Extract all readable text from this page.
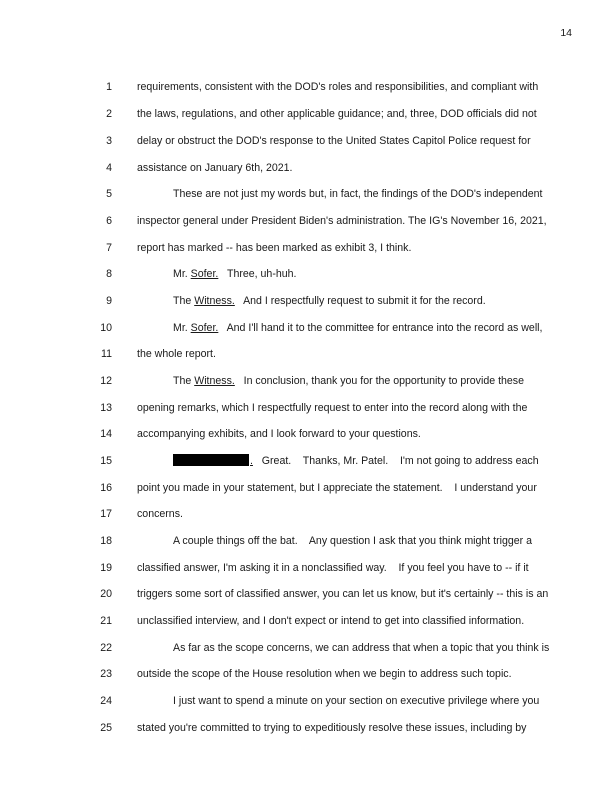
14
1 requirements, consistent with the DOD's roles and responsibilities, and compliant with
2 the laws, regulations, and other applicable guidance; and, three, DOD officials did not
3 delay or obstruct the DOD's response to the United States Capitol Police request for
4 assistance on January 6th, 2021.
5	These are not just my words but, in fact, the findings of the DOD's independent
6 inspector general under President Biden's administration. The IG's November 16, 2021,
7 report has marked -- has been marked as exhibit 3, I think.
8	Mr. Sofer.   Three, uh-huh.
9	The Witness.   And I respectfully request to submit it for the record.
10	Mr. Sofer.   And I'll hand it to the committee for entrance into the record as well,
11 the whole report.
12	The Witness.   In conclusion, thank you for the opportunity to provide these
13 opening remarks, which I respectfully request to enter into the record along with the
14 accompanying exhibits, and I look forward to your questions.
15	.   Great.    Thanks, Mr. Patel.    I'm not going to address each
16 point you made in your statement, but I appreciate the statement.    I understand your
17 concerns.
18	A couple things off the bat.    Any question I ask that you think might trigger a
19 classified answer, I'm asking it in a nonclassified way.    If you feel you have to -- if it
20 triggers some sort of classified answer, you can let us know, but it's certainly -- this is an
21 unclassified interview, and I don't expect or intend to get into classified information.
22	As far as the scope concerns, we can address that when a topic that you think is
23 outside the scope of the House resolution when we begin to address such topic.
24	I just want to spend a minute on your section on executive privilege where you
25 stated you're committed to trying to expeditiously resolve these issues, including by
